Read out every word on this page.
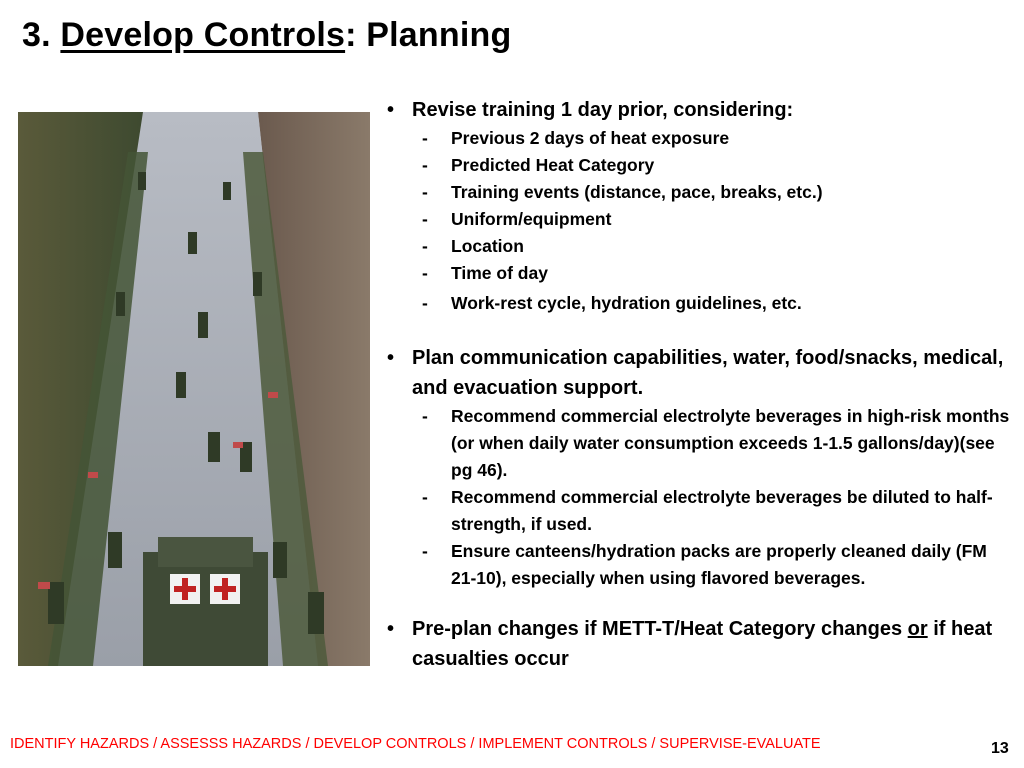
3. Develop Controls: Planning
• Revise training 1 day prior, considering:
- Previous 2 days of heat exposure
- Predicted Heat Category
- Training events (distance, pace, breaks, etc.)
- Uniform/equipment
- Location
- Time of day
- Work-rest cycle, hydration guidelines, etc.
• Plan communication capabilities, water, food/snacks, medical, and evacuation support.
- Recommend commercial electrolyte beverages in high-risk months (or when daily water consumption exceeds 1-1.5 gallons/day)(see pg 46).
- Recommend commercial electrolyte beverages be diluted to half-strength, if used.
- Ensure canteens/hydration packs are properly cleaned daily (FM 21-10), especially when using flavored beverages.
• Pre-plan changes if METT-T/Heat Category changes or if heat casualties occur
IDENTIFY HAZARDS / ASSESSS HAZARDS / DEVELOP CONTROLS / IMPLEMENT CONTROLS / SUPERVISE-EVALUATE	13
